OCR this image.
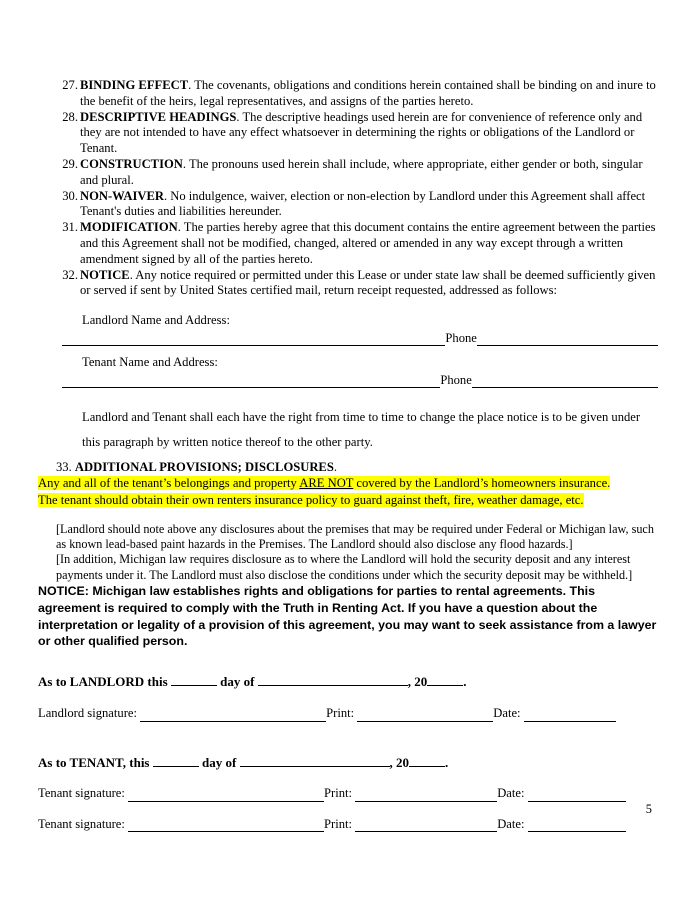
27. BINDING EFFECT. The covenants, obligations and conditions herein contained shall be binding on and inure to the benefit of the heirs, legal representatives, and assigns of the parties hereto.
28. DESCRIPTIVE HEADINGS. The descriptive headings used herein are for convenience of reference only and they are not intended to have any effect whatsoever in determining the rights or obligations of the Landlord or Tenant.
29. CONSTRUCTION. The pronouns used herein shall include, where appropriate, either gender or both, singular and plural.
30. NON-WAIVER. No indulgence, waiver, election or non-election by Landlord under this Agreement shall affect Tenant's duties and liabilities hereunder.
31. MODIFICATION. The parties hereby agree that this document contains the entire agreement between the parties and this Agreement shall not be modified, changed, altered or amended in any way except through a written amendment signed by all of the parties hereto.
32. NOTICE. Any notice required or permitted under this Lease or under state law shall be deemed sufficiently given or served if sent by United States certified mail, return receipt requested, addressed as follows:
Landlord Name and Address:
Phone
Tenant Name and Address:
Phone
Landlord and Tenant shall each have the right from time to time to change the place notice is to be given under
this paragraph by written notice thereof to the other party.
33. ADDITIONAL PROVISIONS; DISCLOSURES.
Any and all of the tenant’s belongings and property ARE NOT covered by the Landlord’s homeowners insurance.
The tenant should obtain their own renters insurance policy to guard against theft, fire, weather damage, etc.
[Landlord should note above any disclosures about the premises that may be required under Federal or Michigan law, such as known lead-based paint hazards in the Premises. The Landlord should also disclose any flood hazards.]
[In addition, Michigan law requires disclosure as to where the Landlord will hold the security deposit and any interest payments under it. The Landlord must also disclose the conditions under which the security deposit may be withheld.]
NOTICE: Michigan law establishes rights and obligations for parties to rental agreements. This agreement is required to comply with the Truth in Renting Act. If you have a question about the interpretation or legality of a provision of this agreement, you may want to seek assistance from a lawyer or other qualified person.
As to LANDLORD this	day of	, 20	.
Landlord signature:	Print:	Date:
As to TENANT, this	day of	, 20	.
Tenant signature:	Print:	Date:
Tenant signature:	Print:	Date:
5
